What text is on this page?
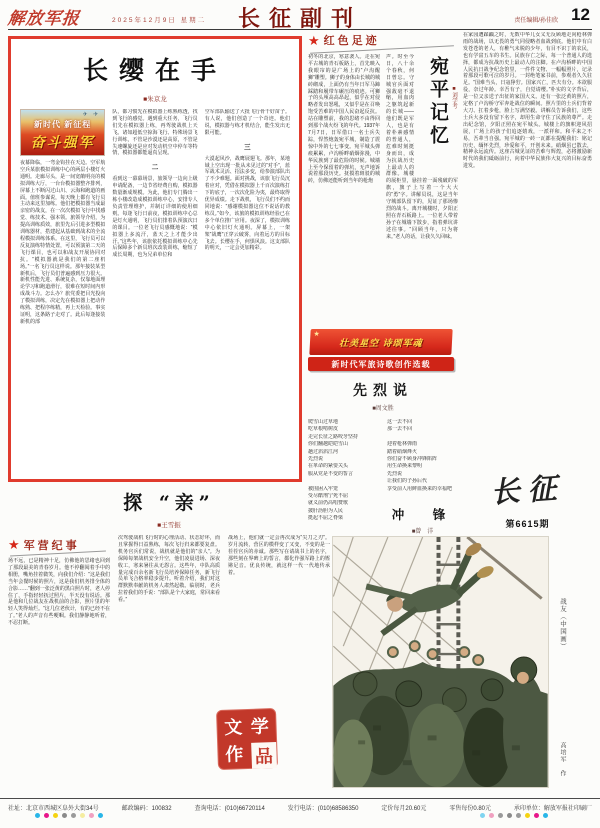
解放军报	2025年12月9日 星期二 长征副刊	责任编辑/孙佳欣 12
长缨在手
■朱京龙
✈ ✈
新时代 新征程
奋斗强军
夜幕降临，一弯金钩挂在天边。空军航空兵某旅模拟训练中心的两层小楼灯火通明。走廊尽头，是一间宽敞明亮的模拟训练大厅，一台台模拟器整齐排列，屏幕上不断闪过山川、云海和跑道的画面。值班参谋说，每天晚上都有飞行员主动来这里加练。他们把模拟器当成最亲密的战友，在一次次模拟飞行中找感觉、练技术、强本领。旅领导介绍，为提高训练质效，旅里先后引进多型模拟训练器材，搭建起从基础到战术的全流程模拟训练体系。在这里，飞行员可以反复演练特情处置，可以预演第二天的飞行课目，也可以和战友开展协同对抗。“模拟器就是我们的第二座机场。”一名飞行员这样说。那年接装某型新机后，飞行员们普遍感到压力很大。新机性能先进、系统复杂，仅靠地面理论学习和跑道滑行，很难在短时间内形成战斗力。怎么办？旅党委把目光投向了模拟训练，决定先在模拟器上把动作练熟、把程序练精，再上天检验。事实证明，这条路子走对了。此后每逢接装新机的部
队，都习惯先在模拟器上练熟练透，找到飞行的感觉。遇到重大任务，飞行员们先在模拟器上练，再驾驶战机上天飞。诸如超低空掠海飞行、特殊场景飞行训练，不管是沙漠还是高原，不管是失速螺旋还是应对发动机空中停车等特情，模拟器都能逼真呈现。
二
看到这一幕幕场景，旅领导一边向上级申请配备，一边节省经费自购，模拟器数量渐成规模。为此，他们专门腾出一栋小楼改造成模拟训练中心，安排专人负责管理维护，并制订详细的使用细则。每逢飞行日前夜，模拟训练中心总是灯火通明，飞行员们排着队预演次日的课目。一位老飞行员感慨地说：“模拟器上多流汗，蓝天之上才能少出汗。”这些年，该旅依托模拟训练中心先后保障多个新员班次改装训练，缩短了成长周期，也为兄弟单位和
空军部队输送了大批飞行骨干好苗子。有人说，他们创造了一个奇迹。他们说，模拟器与练才机结合，能生发出无限可能。
三
大漠起风沙，战鹰展翅飞。那年，某地域上空出现一批从未见过的“对手”，蓝军战术灵活、招法多变，给参演部队出了不少难题。面对挑战，该旅飞行员沉着应对，凭借在模拟器上千百次演练打下的底子，一次次化险为夷，最终取得优异成绩。走下战机，飞行员们不约而同地说：“感谢模拟器这位不说话的教练员。”如今，该旅的模拟训练经验已在多个单位推广应用。夜深了，模拟训练中心依旧灯火通明。屏幕上，一架架“战鹰”正穿云破雾，向着远方的目标飞去。长缨在手，何惧风浪。这支部队的明天，一定会更加精彩。
★ 红色足迹
初冬的北京，寒意袭人。走在宛平古城的青石板路上，首先映入我眼帘的是广场上的“卢沟醒狮”雕塑。狮子的身体由长城的城砖砌成，上面仍有当年日军马蹄踩踏和履带车碾压的痕迹。可狮子的头颅高高昂起，似乎在对侵略者发出怒吼，又似乎是在召唤饱受苦难的中国人民奋起反抗。站在雕塑前，我的思绪不由得回到那个战火纷飞的年代。1937年7月7日，日军借口一名士兵失踪，悍然炮轰宛平城，制造了震惊中外的七七事变。宛平城头弹痕累累，卢沟桥畔硝烟弥漫，中华民族到了最危险的时候。城墙上至今保留着的弹坑，无声地诉说着那段历史。抚摸着斑驳的城砖，仿佛还能听到当年的枪炮
宛平记忆 ■刘学考
声。时至今日，八十余个春秋，何日曾忘。守城官兵面对强敌毫不退缩，用血肉之躯筑起新的长城——他们既是军人，也是有着朴素感情的普通人，危难时刻挺身而出，成为抗战历史上最动人的群像。城楼的展柜里，悬挂着一面残破的军旗，旗子上写着一个大大的“勇”字。讲解员说，这是当年守城部队留下的，见证了那场惨烈的战斗。离开城楼时，夕阳正照在青石板路上。一位老人带着孙子在城墙下散步，指着弹坑讲述往事。“回顾当年，只为将来。”老人的话，让我久久回味。
★
壮美星空 诗颂军魂
新时代军旅诗歌创作选载
先烈说
■周文胜
爬雪山过草地
吃草根啃树皮
走完长征之路咬牙坚持
你们翻越皑皑雪山
趟过滔滔江河
先烈说
在革命的紧要关头
服从党是不变的誓言

被围困入牢笼
受尽酷刑宁死不屈
就义前仍高唱赞歌
披肝沥胆为人民
挺起不屈之脊梁
这一去不回
那一去不回

迎着枪林弹雨
踏着硝烟烽火
你们奋不顾身冲锋陷阵
用生命换来黎明
先烈说
让我们的子孙后代
享受前人用鲜血换来的幸福吧
冲　锋
■曾　洋
在家园遭蹂躏之时，无数中华儿女义无反顾地走向枪林弹雨的战场，以无畏的勇气同侵略者血战到底。他们中有白发苍苍的老人，有稚气未脱的少年，有目不识丁的农民，也有学富五车的书生。民族存亡之际，每一个普通人的选择，都成为抗战历史上最动人的注脚。在卢沟桥畔的中国人民抗日战争纪念馆里，一件件文物、一幅幅照片，记录着那段可歌可泣的岁月。一封绝笔家书前，参观者久久驻足。“国难当头，日寇狰狞。国家兴亡，匹夫有分。本欲服役，奈过年龄。幸吾有子，自觉请缨。”朴实的文字背后，是一位父亲送子出征的家国大义。还有一张泛黄的照片，定格了卢沟桥守军奔赴战位的瞬间。照片里的士兵们背着大刀、扛着步枪，脸上写满坚毅。讲解员告诉我们，这些士兵大多没有留下名字，却用生命守住了民族的尊严。走出纪念馆，夕阳正照在宛平城头。城楼上的旗帜迎风招展，广场上的孩子们追逐嬉戏，一派祥和。和平来之不易，吾辈当自强。宛平城的一砖一瓦都在提醒我们：铭记历史，缅怀先烈，珍爱和平，开创未来。硝烟虽已散去，精神永远流传。这座古城见证的苦难与辉煌，必将激励新时代的我们砥砺前行，向着中华民族伟大复兴的目标奋勇进发。
长征
第6615期
探 “亲”
■王雪振
★ 军营纪事
场不远，已是精神十足，仿佛他的思绪也回到了那段最美的青春岁月。他不停翻阅着手中的相册，嘴角挂着微笑，向我们介绍：“这是我们当年会餐时候的照片，这是我们机务排全体的合影……”翻到一张泛黄的黑白照片时，老人停住了，手指轻轻抚过照片，半天没有说话。那是他和几位战友在战机前的合影，照片里的年轻人笑得灿烂。“这几位老伙计，有的已经不在了。”老人的声音有些哽咽。我们静静地听着，不忍打断。
次驾驶战机飞行时的心理活动、状态好坏，而且掌握得日益熟练，每次飞行归来都要复盘。机务官兵们常说，战机就是他们的“亲人”。为保障每架战机安全升空，他们凌晨进场、深夜收工，寒来暑往从无怨言。这些年，中队高质量完成百余名新飞行员培养保障任务，新飞行员单飞合格率稳步提升。听着介绍，我们对这群默默奉献的机务人肃然起敬。临别时，老兵拉着我们的手说：“部队是个大家庭，常回来看看。”
战场上，他们就一定会再次成为“尖刀之刃”。岁月流转，营区的模样变了又变，不变的是一茬茬官兵的赤诚。那些写在请战书上的名字，那些刻在界碑上的誓言，都化作强军路上的铿锵足音。优良传统，就这样一代一代地传承着。
文 学
作 品
战友（中国画）
高培军　作
社址：北京市西城区阜外大街34号	邮政编码：100832	查询电话：(010)66720114	发行电话：(010)68586350	定价每月20.60元	零售每份0.80元	承印单位：解放军报社印刷厂
